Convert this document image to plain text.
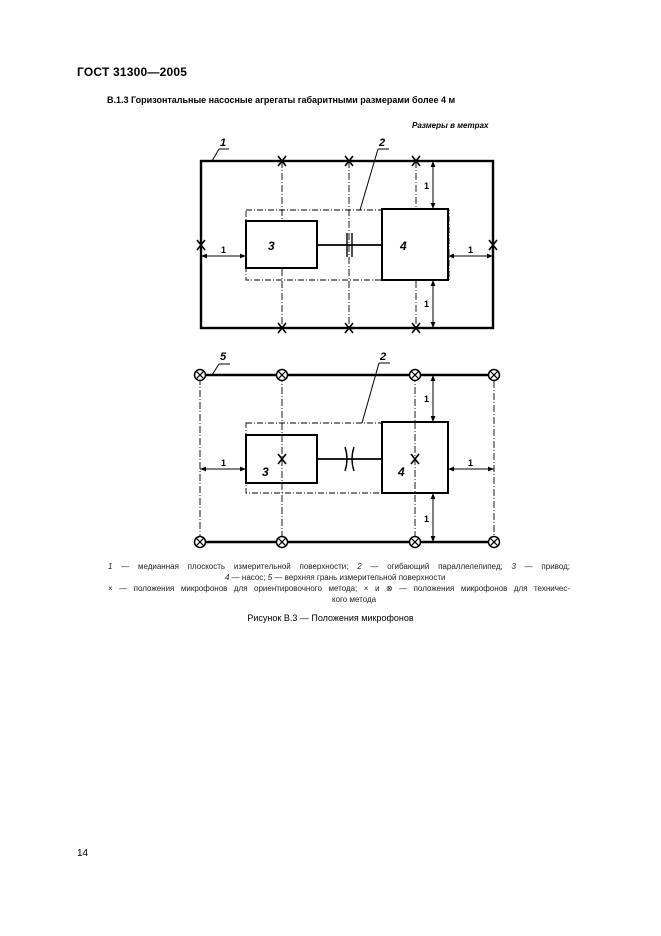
ГОСТ 31300—2005
В.1.3 Горизонтальные насосные агрегаты габаритными размерами более 4 м
Размеры в метрах
3	4
1	2
1	1
1
1
3	4
5	2
1	1
1
1
1 — медианная плоскость измерительной поверхности; 2 — огибающий параллелепипед; 3 — привод;
4 — насос; 5 — верхняя грань измерительной поверхности
× — положения микрофонов для ориентировочного метода; × и ⊗ — положения микрофонов для техничес-
кого метода
Рисунок В.3 — Положения микрофонов
14
